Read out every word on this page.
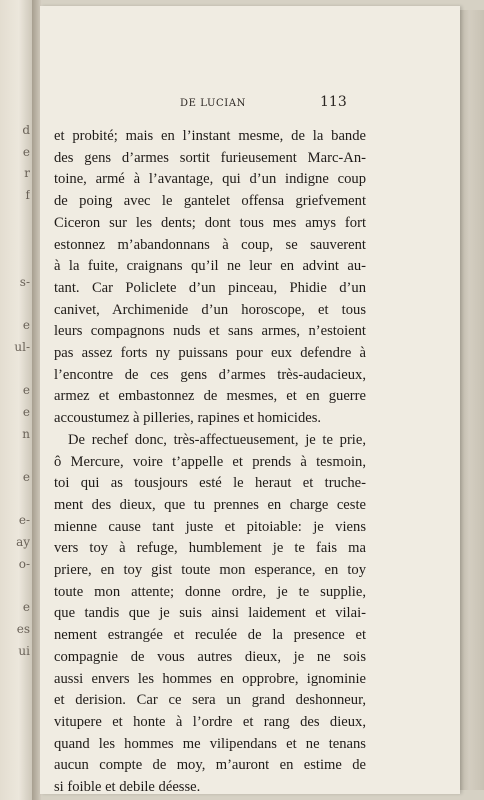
d
e
r
f

s-

e
ul-

e
e
n

e

e-
ay
o-

e
es
ui
DE LUCIAN	113
et probité; mais en l’instant mesme, de la bande
des gens d’armes sortit furieusement Marc-An-
toine, armé à l’avantage, qui d’un indigne coup
de poing avec le gantelet offensa griefvement
Ciceron sur les dents; dont tous mes amys fort
estonnez m’abandonnans à coup, se sauverent
à la fuite, craignans qu’il ne leur en advint au-
tant. Car Policlete d’un pinceau, Phidie d’un
canivet, Archimenide d’un horoscope, et tous
leurs compagnons nuds et sans armes, n’estoient
pas assez forts ny puissans pour eux defendre à
l’encontre de ces gens d’armes très-audacieux,
armez et embastonnez de mesmes, et en guerre
accoustumez à pilleries, rapines et homicides.
De rechef donc, très-affectueusement, je te prie,
ô Mercure, voire t’appelle et prends à tesmoin,
toi qui as tousjours esté le heraut et truche-
ment des dieux, que tu prennes en charge ceste
mienne cause tant juste et pitoiable: je viens
vers toy à refuge, humblement je te fais ma
priere, en toy gist toute mon esperance, en toy
toute mon attente; donne ordre, je te supplie,
que tandis que je suis ainsi laidement et vilai-
nement estrangée et reculée de la presence et
compagnie de vous autres dieux, je ne sois
aussi envers les hommes en opprobre, ignominie
et derision. Car ce sera un grand deshonneur,
vitupere et honte à l’ordre et rang des dieux,
quand les hommes me vilipendans et ne tenans
aucun compte de moy, m’auront en estime de
si foible et debile déesse.
